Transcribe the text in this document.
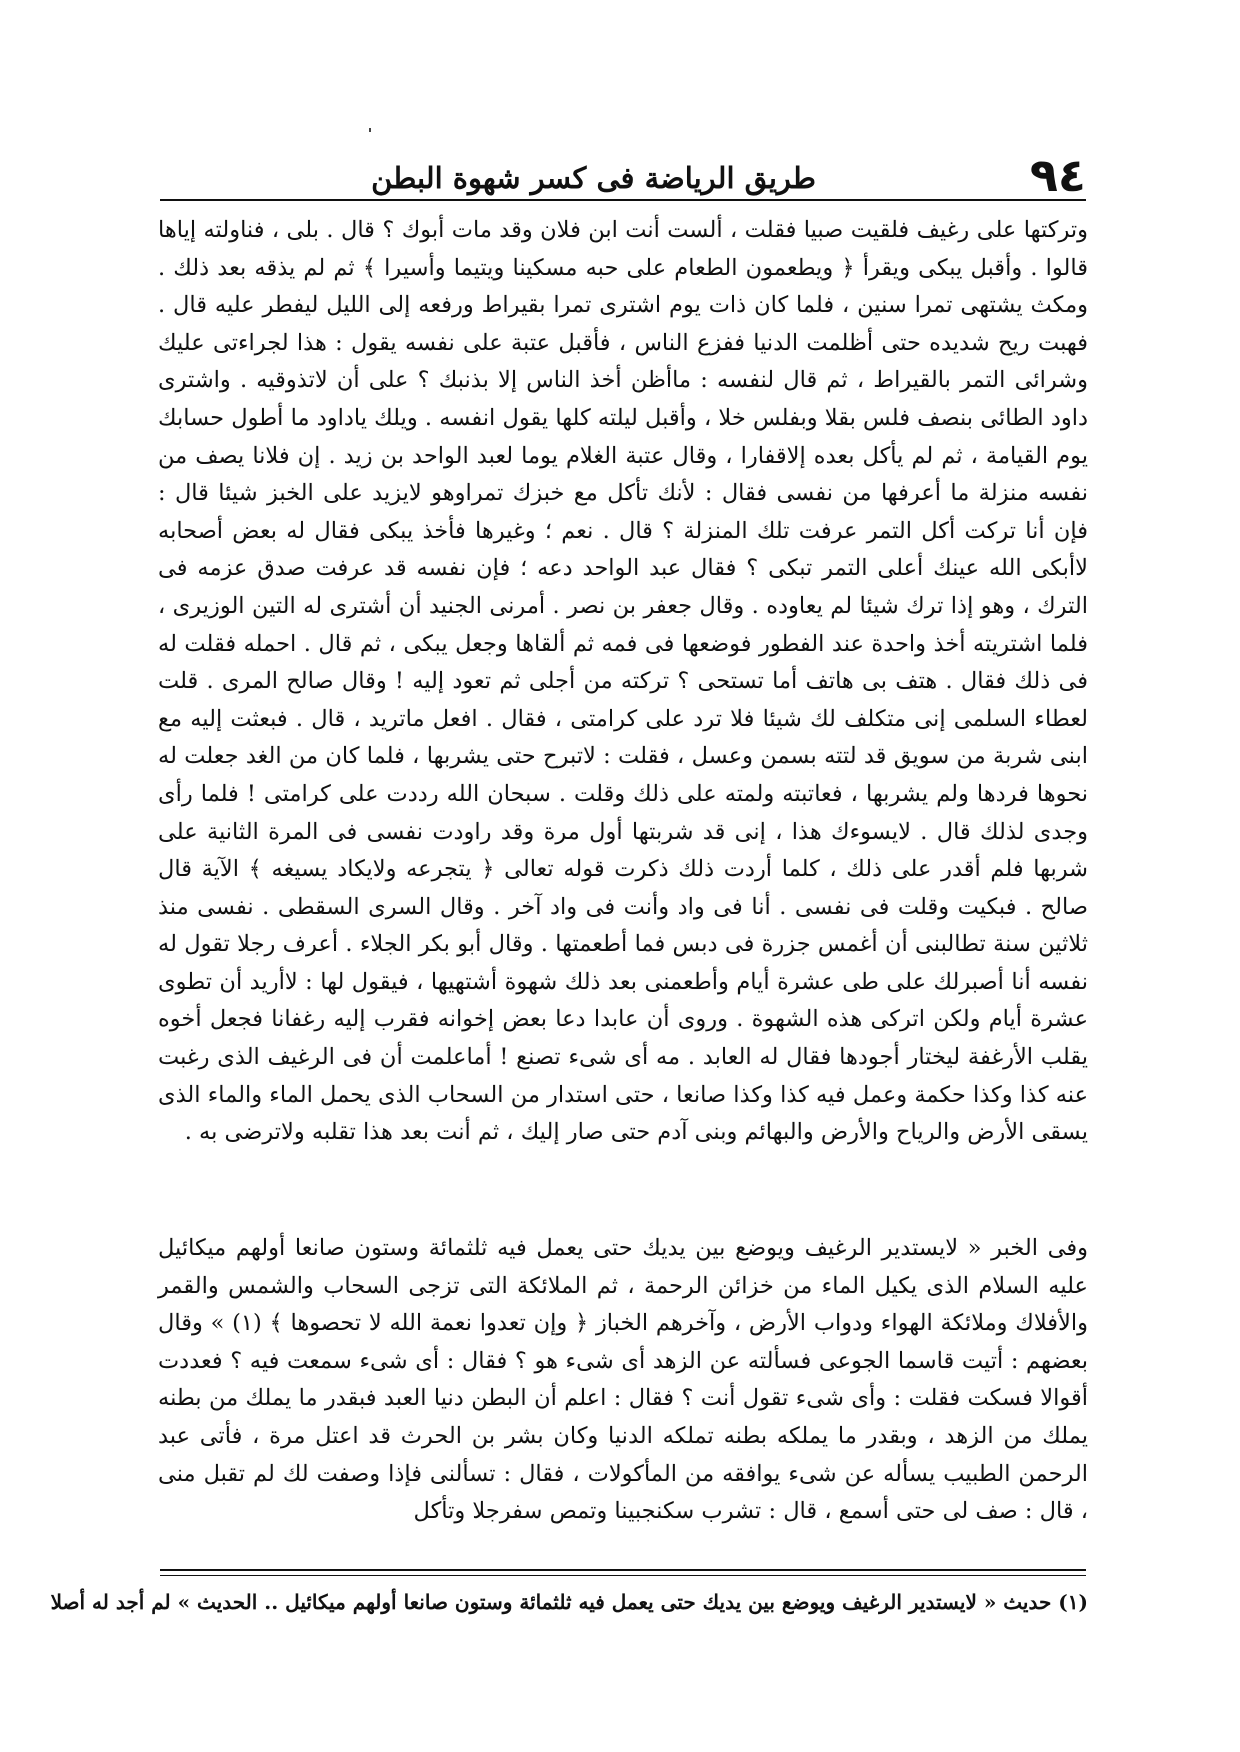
٩٤
طريق الرياضة فى كسر شهوة البطن

وتركتها على رغيف فلقيت صبيا فقلت ، ألست أنت ابن فلان وقد مات أبوك ؟ قال . بلى ، فناولته إياها قالوا . وأقبل يبكى ويقرأ ﴿ ويطعمون الطعام على حبه مسكينا ويتيما وأسيرا ﴾ ثم لم يذقه بعد ذلك . ومكث يشتهى تمرا سنين ، فلما كان ذات يوم اشترى تمرا بقيراط ورفعه إلى الليل ليفطر عليه قال . فهبت ريح شديده حتى أظلمت الدنيا ففزع الناس ، فأقبل عتبة على نفسه يقول : هذا لجراءتى عليك وشرائى التمر بالقيراط ، ثم قال لنفسه : ماأظن أخذ الناس إلا بذنبك ؟ على أن لاتذوقيه . واشترى داود الطائى بنصف فلس بقلا وبفلس خلا ، وأقبل ليلته كلها يقول انفسه . ويلك ياداود ما أطول حسابك يوم القيامة ، ثم لم يأكل بعده إلاقفارا ، وقال عتبة الغلام يوما لعبد الواحد بن زيد . إن فلانا يصف من نفسه منزلة ما أعرفها من نفسى فقال : لأنك تأكل مع خبزك تمراوهو لايزيد على الخبز شيئا قال : فإن أنا تركت أكل التمر عرفت تلك المنزلة ؟ قال . نعم ؛ وغيرها فأخذ يبكى فقال له بعض أصحابه لاأبكى الله عينك أعلى التمر تبكى ؟ فقال عبد الواحد دعه ؛ فإن نفسه قد عرفت صدق عزمه فى الترك ، وهو إذا ترك شيئا لم يعاوده . وقال جعفر بن نصر . أمرنى الجنيد أن أشترى له التين الوزيرى ، فلما اشتريته أخذ واحدة عند الفطور فوضعها فى فمه ثم ألقاها وجعل يبكى ، ثم قال . احمله فقلت له فى ذلك فقال . هتف بى هاتف أما تستحى ؟ تركته من أجلى ثم تعود إليه ! وقال صالح المرى . قلت لعطاء السلمى إنى متكلف لك شيئا فلا ترد على كرامتى ، فقال . افعل ماتريد ، قال . فبعثت إليه مع ابنى شربة من سويق قد لتته بسمن وعسل ، فقلت : لاتبرح حتى يشربها ، فلما كان من الغد جعلت له نحوها فردها ولم يشربها ، فعاتبته ولمته على ذلك وقلت . سبحان الله رددت على كرامتى ! فلما رأى وجدى لذلك قال . لايسوءك هذا ، إنى قد شربتها أول مرة وقد راودت نفسى فى المرة الثانية على شربها فلم أقدر على ذلك ، كلما أردت ذلك ذكرت قوله تعالى ﴿ يتجرعه ولايكاد يسيغه ﴾ الآية قال صالح . فبكيت وقلت فى نفسى . أنا فى واد وأنت فى واد آخر . وقال السرى السقطى . نفسى منذ ثلاثين سنة تطالبنى أن أغمس جزرة فى دبس فما أطعمتها . وقال أبو بكر الجلاء . أعرف رجلا تقول له نفسه أنا أصبرلك على طى عشرة أيام وأطعمنى بعد ذلك شهوة أشتهيها ، فيقول لها : لاأريد أن تطوى عشرة أيام ولكن اتركى هذه الشهوة . وروى أن عابدا دعا بعض إخوانه فقرب إليه رغفانا فجعل أخوه يقلب الأرغفة ليختار أجودها فقال له العابد . مه أى شىء تصنع ! أماعلمت أن فى الرغيف الذى رغبت عنه كذا وكذا حكمة وعمل فيه كذا وكذا صانعا ، حتى استدار من السحاب الذى يحمل الماء والماء الذى يسقى الأرض والرياح والأرض والبهائم وبنى آدم حتى صار إليك ، ثم أنت بعد هذا تقلبه ولاترضى به .

وفى الخبر « لايستدير الرغيف ويوضع بين يديك حتى يعمل فيه ثلثمائة وستون صانعا أولهم ميكائيل عليه السلام الذى يكيل الماء من خزائن الرحمة ، ثم الملائكة التى تزجى السحاب والشمس والقمر والأفلاك وملائكة الهواء ودواب الأرض ، وآخرهم الخباز ﴿ وإن تعدوا نعمة الله لا تحصوها ﴾ (١) » وقال بعضهم : أتيت قاسما الجوعى فسألته عن الزهد أى شىء هو ؟ فقال : أى شىء سمعت فيه ؟ فعددت أقوالا فسكت فقلت : وأى شىء تقول أنت ؟ فقال : اعلم أن البطن دنيا العبد فبقدر ما يملك من بطنه يملك من الزهد ، وبقدر ما يملكه بطنه تملكه الدنيا وكان بشر بن الحرث قد اعتل مرة ، فأتى عبد الرحمن الطبيب يسأله عن شىء يوافقه من المأكولات ، فقال : تسألنى فإذا وصفت لك لم تقبل منى ، قال : صف لى حتى أسمع ، قال : تشرب سكنجبينا وتمص سفرجلا وتأكل

(١) حديث « لايستدير الرغيف ويوضع بين يديك حتى يعمل فيه ثلثمائة وستون صانعا أولهم ميكائيل .. الحديث » لم أجد له أصلا
